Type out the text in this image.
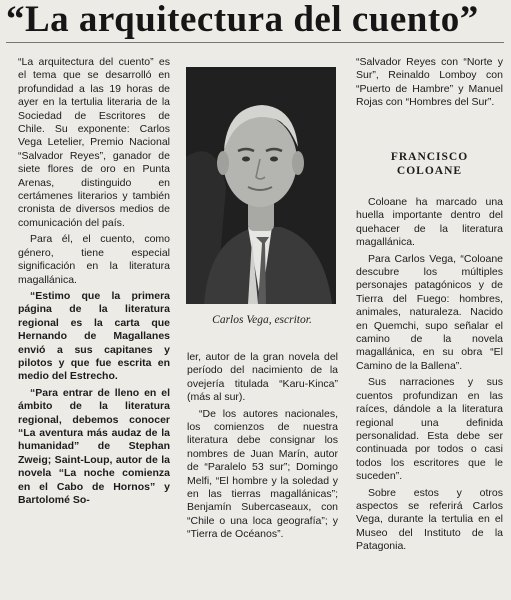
“La arquitectura del cuento”

“La arquitectura del cuento” es el tema que se desarrolló en profundidad a las 19 horas de ayer en la tertulia literaria de la Sociedad de Escritores de Chile. Su exponente: Carlos Vega Letelier, Premio Nacional “Salvador Reyes”, ganador de siete flores de oro en Punta Arenas, distinguido en certámenes literarios y también cronista de diversos medios de comunicación del país.

Para él, el cuento, como género, tiene especial significación en la literatura magallánica.

“Estimo que la primera página de la literatura regional es la carta que Hernando de Magallanes envió a sus capitanes y pilotos y que fue escrita en medio del Estrecho.

“Para entrar de lleno en el ámbito de la literatura regional, debemos conocer “La aventura más audaz de la humanidad” de Stephan Zweig; Saint-Loup, autor de la novela “La noche comienza en el Cabo de Hornos” y Bartolomé So-

Carlos Vega, escritor.

ler, autor de la gran novela del período del nacimiento de la ovejería titulada “Karu-Kinca” (más al sur).

“De los autores nacionales, los comienzos de nuestra literatura debe consignar los nombres de Juan Marín, autor de “Paralelo 53 sur”; Domingo Melfi, “El hombre y la soledad y en las tierras magallánicas”; Benjamín Subercaseaux, con “Chile o una loca geografía”; y “Tierra de Océanos”.

“Salvador Reyes con “Norte y Sur”, Reinaldo Lomboy con “Puerto de Hambre” y Manuel Rojas con “Hombres del Sur”.
FRANCISCO
COLOANE

Coloane ha marcado una huella importante dentro del quehacer de la literatura magallánica.

Para Carlos Vega, “Coloane descubre los múltiples personajes patagónicos y de Tierra del Fuego: hombres, animales, naturaleza. Nacido en Quemchi, supo señalar el camino de la novela magallánica, en su obra “El Camino de la Ballena”.

Sus narraciones y sus cuentos profundizan en las raíces, dándole a la literatura regional una definida personalidad. Esta debe ser continuada por todos o casi todos los escritores que le suceden”.

Sobre estos y otros aspectos se referirá Carlos Vega, durante la tertulia en el Museo del Instituto de la Patagonia.
